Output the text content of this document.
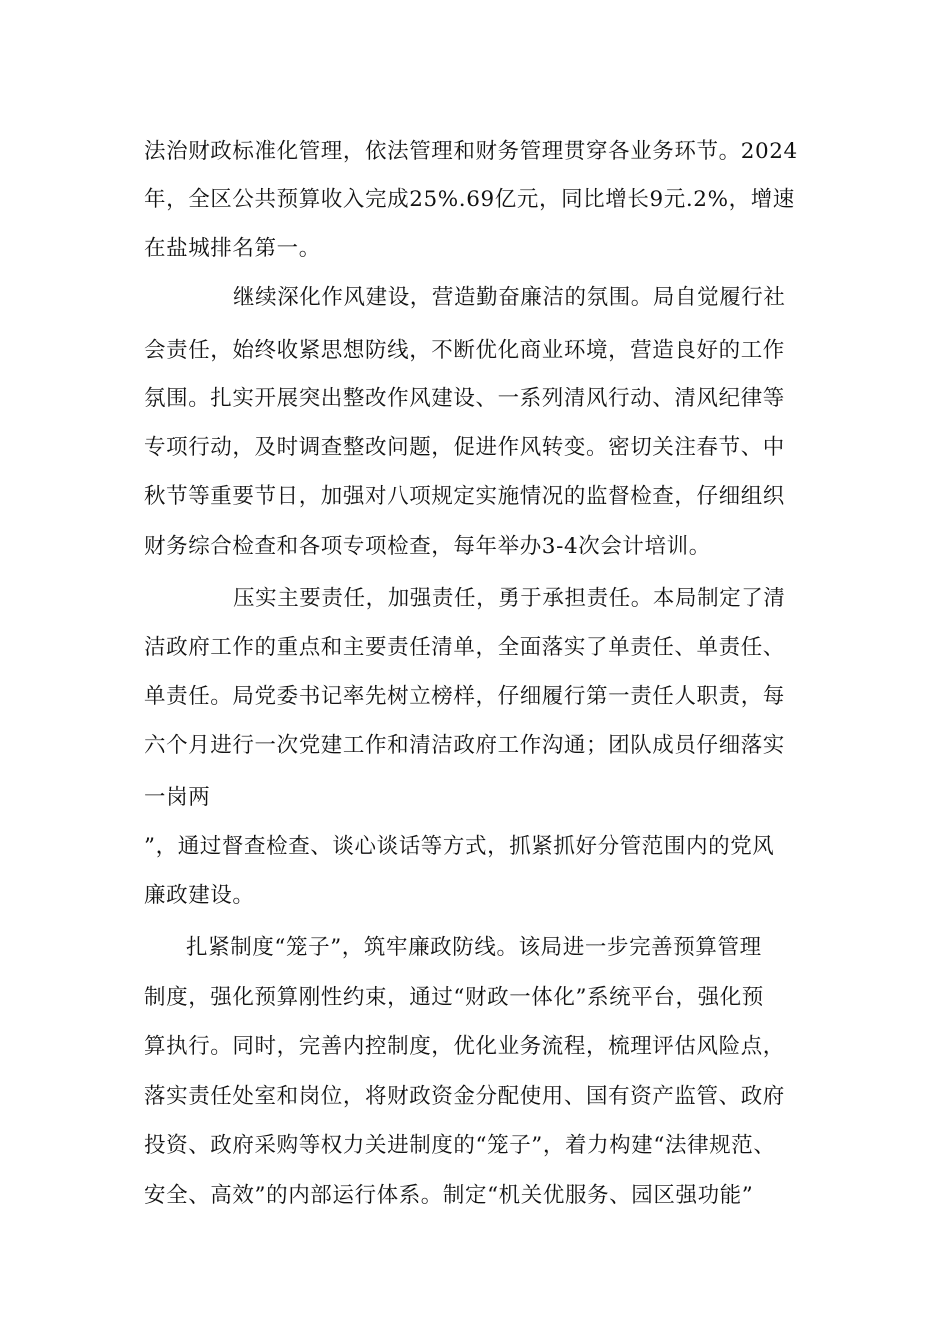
法治财政标准化管理，依法管理和财务管理贯穿各业务环节。2024
年，全区公共预算收入完成25%.69亿元，同比增长9元.2%，增速
在盐城排名第一。
继续深化作风建设，营造勤奋廉洁的氛围。局自觉履行社
会责任，始终收紧思想防线，不断优化商业环境，营造良好的工作
氛围。扎实开展突出整改作风建设、一系列清风行动、清风纪律等
专项行动，及时调查整改问题，促进作风转变。密切关注春节、中
秋节等重要节日，加强对八项规定实施情况的监督检查，仔细组织
财务综合检查和各项专项检查，每年举办3-4次会计培训。
压实主要责任，加强责任，勇于承担责任。本局制定了清
洁政府工作的重点和主要责任清单，全面落实了单责任、单责任、
单责任。局党委书记率先树立榜样，仔细履行第一责任人职责，每
六个月进行一次党建工作和清洁政府工作沟通；团队成员仔细落实
一岗两
”，通过督查检查、谈心谈话等方式，抓紧抓好分管范围内的党风
廉政建设。
扎紧制度“笼子”，筑牢廉政防线。该局进一步完善预算管理
制度，强化预算刚性约束，通过“财政一体化”系统平台，强化预
算执行。同时，完善内控制度，优化业务流程，梳理评估风险点，
落实责任处室和岗位，将财政资金分配使用、国有资产监管、政府
投资、政府采购等权力关进制度的“笼子”，着力构建“法律规范、
安全、高效”的内部运行体系。制定“机关优服务、园区强功能”
